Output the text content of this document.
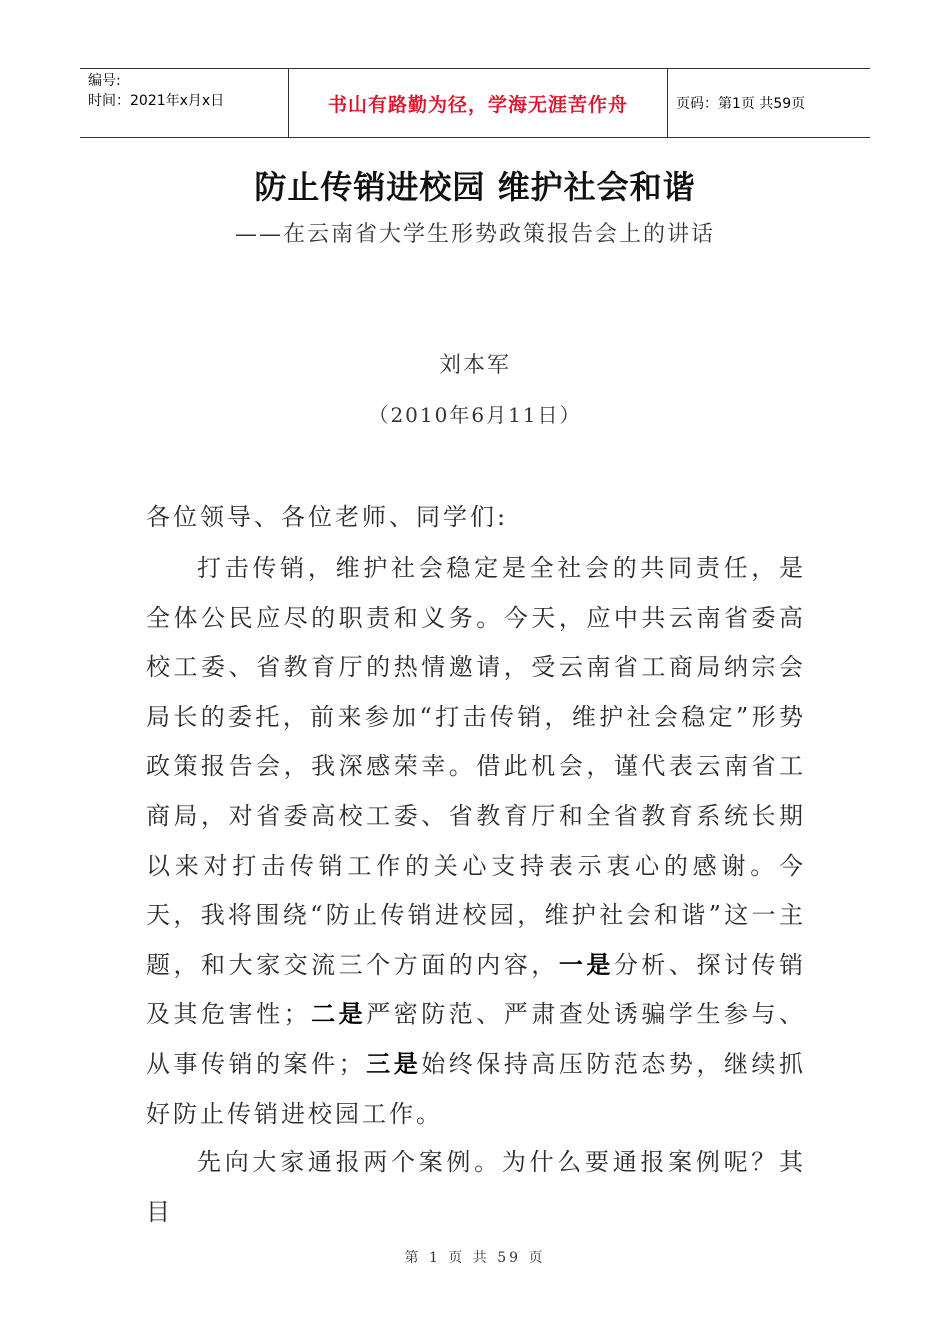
编号:
时间：2021年x月x日	书山有路勤为径，学海无涯苦作舟	页码：第1页 共59页
防止传销进校园 维护社会和谐
——在云南省大学生形势政策报告会上的讲话
刘本军
（2010年6月11日）
各位领导、各位老师、同学们:
打击传销，维护社会稳定是全社会的共同责任，是全体公民应尽的职责和义务。今天，应中共云南省委高校工委、省教育厅的热情邀请，受云南省工商局纳宗会局长的委托，前来参加“打击传销，维护社会稳定”形势政策报告会，我深感荣幸。借此机会，谨代表云南省工商局，对省委高校工委、省教育厅和全省教育系统长期以来对打击传销工作的关心支持表示衷心的感谢。今天，我将围绕“防止传销进校园，维护社会和谐”这一主题，和大家交流三个方面的内容，一是分析、探讨传销及其危害性；二是严密防范、严肃查处诱骗学生参与、从事传销的案件；三是始终保持高压防范态势，继续抓好防止传销进校园工作。
先向大家通报两个案例。为什么要通报案例呢？其目
第 1 页 共 59 页
